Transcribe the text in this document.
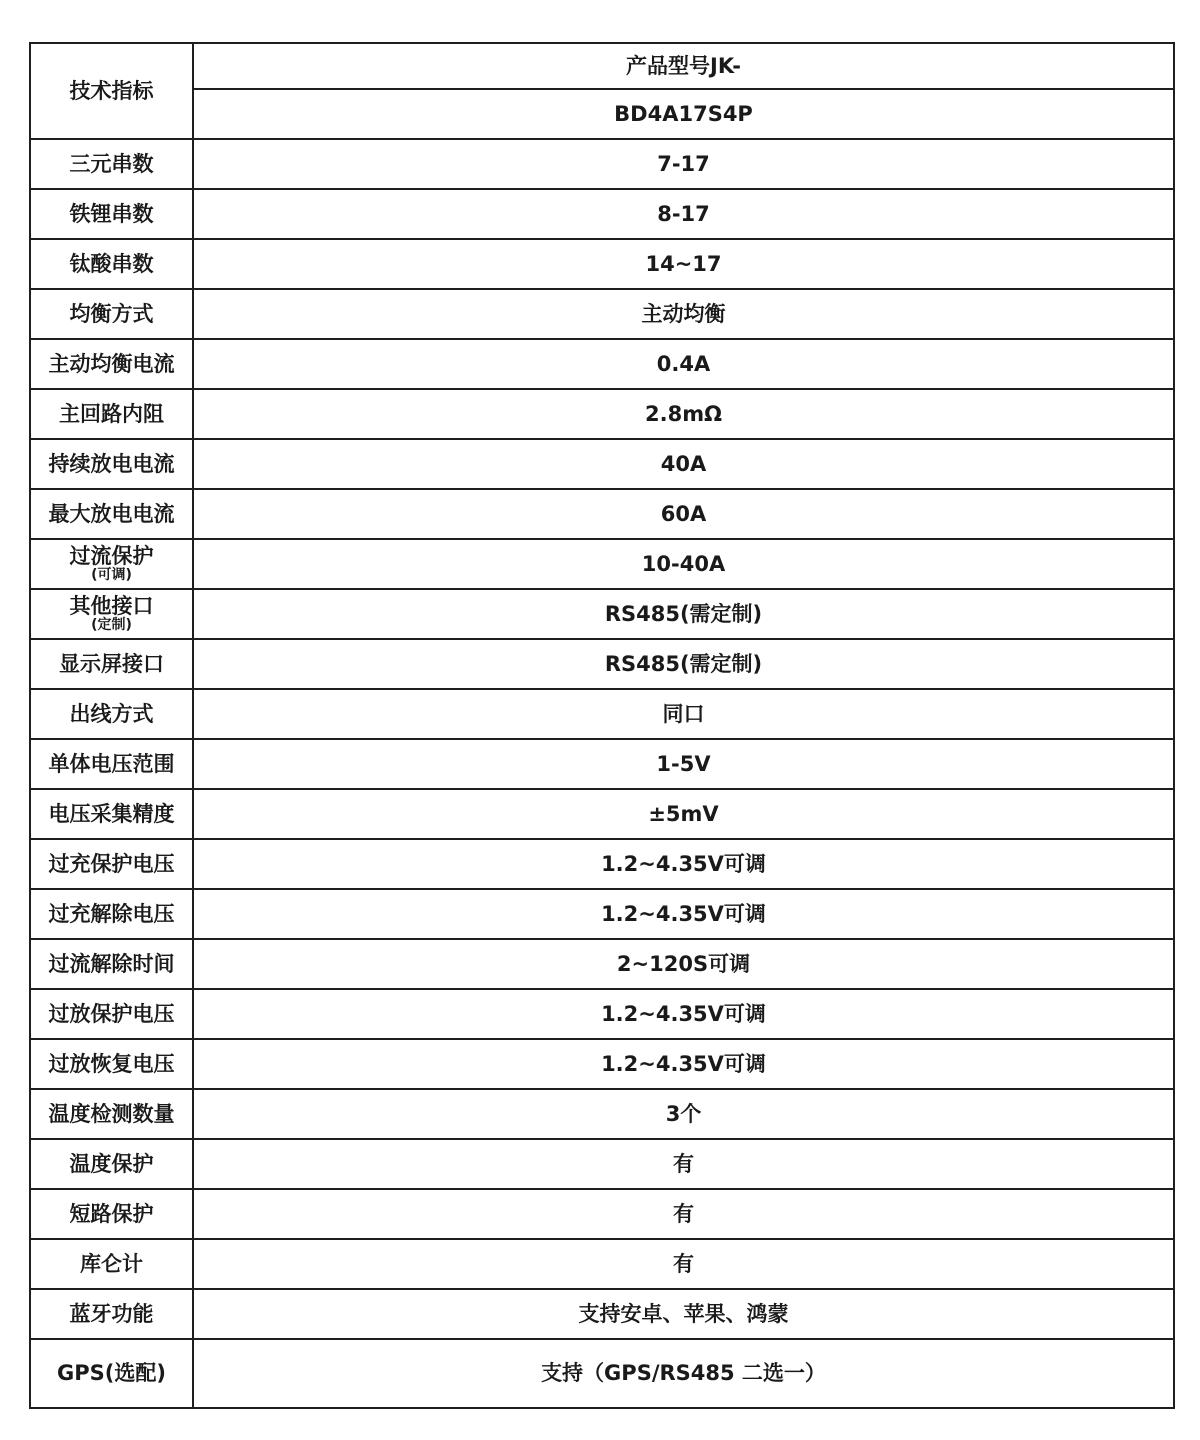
技术指标	产品型号JK-
	BD4A17S4P

三元串数	7-17

铁锂串数	8-17

钛酸串数	14~17

均衡方式	主动均衡

主动均衡电流	0.4A

主回路内阻	2.8mΩ

持续放电电流	40A

最大放电电流	60A

过流保护
(可调)	10-40A

其他接口
(定制)	RS485(需定制)

显示屏接口	RS485(需定制)

出线方式	同口

单体电压范围	1-5V

电压采集精度	±5mV

过充保护电压	1.2~4.35V可调

过充解除电压	1.2~4.35V可调

过流解除时间	2~120S可调

过放保护电压	1.2~4.35V可调

过放恢复电压	1.2~4.35V可调

温度检测数量	3个

温度保护	有

短路保护	有

库仑计	有

蓝牙功能	支持安卓、苹果、鸿蒙

GPS(选配)	支持（GPS/RS485 二选一）
